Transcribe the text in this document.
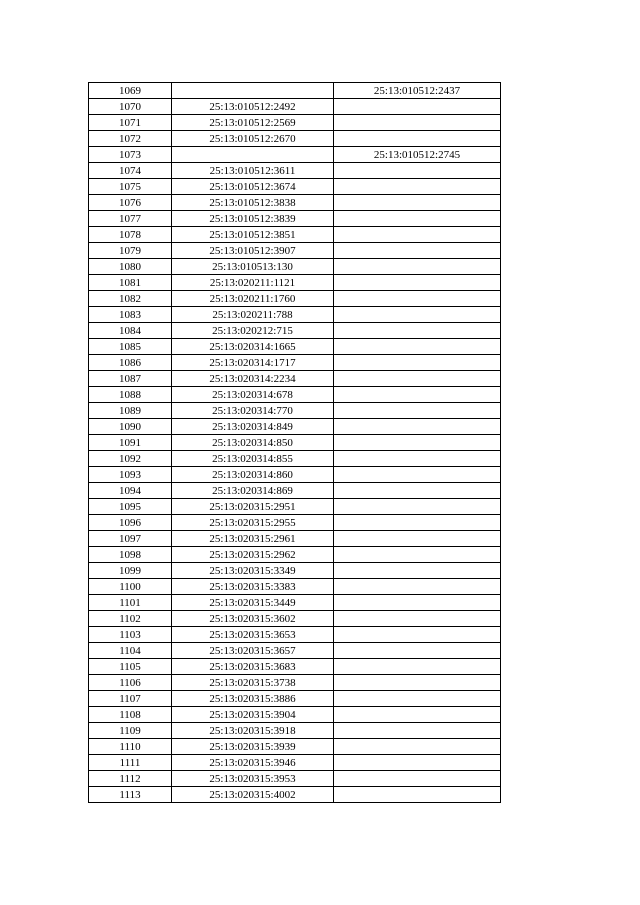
1069		25:13:010512:2437
1070	25:13:010512:2492	
1071	25:13:010512:2569	
1072	25:13:010512:2670	
1073		25:13:010512:2745
1074	25:13:010512:3611	
1075	25:13:010512:3674	
1076	25:13:010512:3838	
1077	25:13:010512:3839	
1078	25:13:010512:3851	
1079	25:13:010512:3907	
1080	25:13:010513:130	
1081	25:13:020211:1121	
1082	25:13:020211:1760	
1083	25:13:020211:788	
1084	25:13:020212:715	
1085	25:13:020314:1665	
1086	25:13:020314:1717	
1087	25:13:020314:2234	
1088	25:13:020314:678	
1089	25:13:020314:770	
1090	25:13:020314:849	
1091	25:13:020314:850	
1092	25:13:020314:855	
1093	25:13:020314:860	
1094	25:13:020314:869	
1095	25:13:020315:2951	
1096	25:13:020315:2955	
1097	25:13:020315:2961	
1098	25:13:020315:2962	
1099	25:13:020315:3349	
1100	25:13:020315:3383	
1101	25:13:020315:3449	
1102	25:13:020315:3602	
1103	25:13:020315:3653	
1104	25:13:020315:3657	
1105	25:13:020315:3683	
1106	25:13:020315:3738	
1107	25:13:020315:3886	
1108	25:13:020315:3904	
1109	25:13:020315:3918	
1110	25:13:020315:3939	
1111	25:13:020315:3946	
1112	25:13:020315:3953	
1113	25:13:020315:4002	
